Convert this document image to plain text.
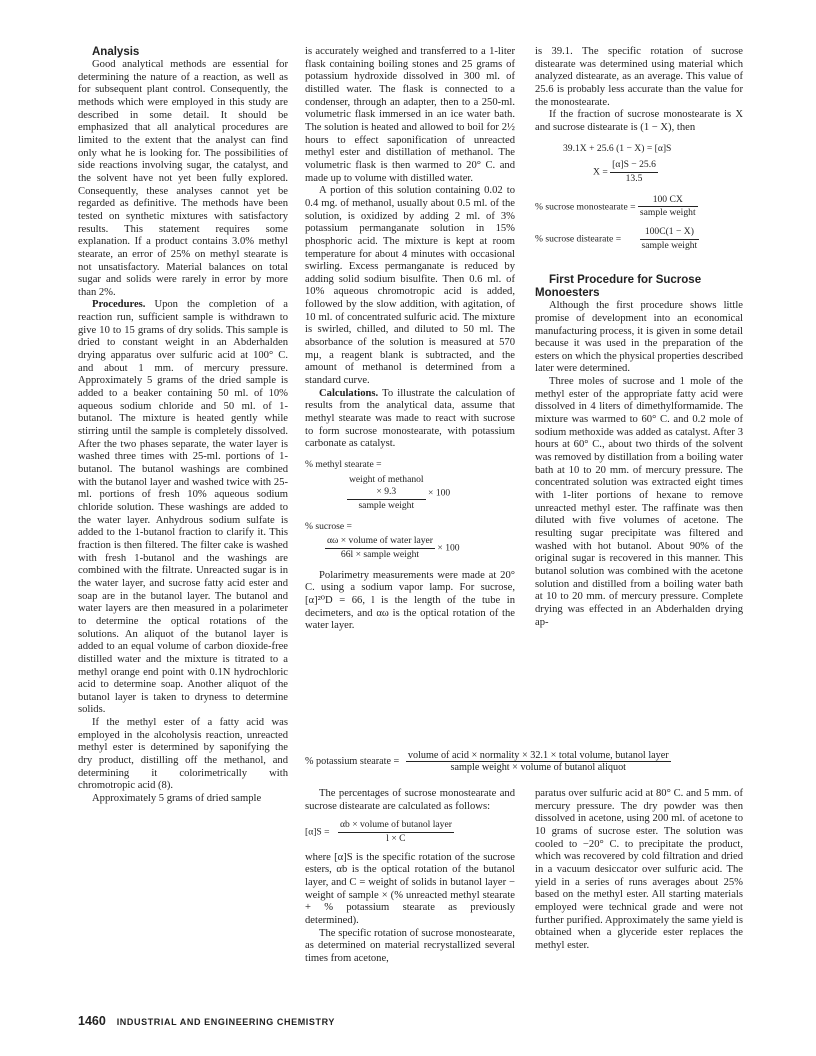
Analysis

Good analytical methods are essential for determining the nature of a reaction, as well as for subsequent plant control. Consequently, the methods which were employed in this study are described in some detail. It should be emphasized that all analytical procedures are limited to the extent that the analyst can find only what he is looking for. The possibilities of side reactions involving sugar, the catalyst, and the solvent have not yet been fully explored. Consequently, these analyses cannot yet be regarded as definitive. The methods have been tested on synthetic mixtures with satisfactory results. This statement requires some explanation. If a product contains 3.0% methyl stearate, an error of 25% on methyl stearate is not unsatisfactory. Material balances on total sugar and solids were rarely in error by more than 2%.

Procedures. Upon the completion of a reaction run, sufficient sample is withdrawn to give 10 to 15 grams of dry solids. This sample is dried to constant weight in an Abderhalden drying apparatus over sulfuric acid at 100° C. and about 1 mm. of mercury pressure. Approximately 5 grams of the dried sample is added to a beaker containing 50 ml. of 10% aqueous sodium chloride and 50 ml. of 1-butanol. The mixture is heated gently while stirring until the sample is completely dissolved. After the two phases separate, the water layer is washed three times with 25-ml. portions of 1-butanol. The butanol washings are combined with the butanol layer and washed twice with 25-ml. portions of fresh 10% aqueous sodium chloride solution. These washings are added to the water layer. Anhydrous sodium sulfate is added to the 1-butanol fraction to clarify it. This fraction is then filtered. The filter cake is washed with fresh 1-butanol and the washings are combined with the filtrate. Unreacted sugar is in the water layer, and sucrose fatty acid ester and soap are in the butanol layer. The butanol and water layers are then measured in a polarimeter to determine the optical rotations of the solutions. An aliquot of the butanol layer is added to an equal volume of carbon dioxide-free distilled water and the mixture is titrated to a methyl orange end point with 0.1N hydrochloric acid to determine soap. Another aliquot of the butanol layer is taken to dryness to determine solids.

If the methyl ester of a fatty acid was employed in the alcoholysis reaction, unreacted methyl ester is determined by saponifying the dry product, distilling off the methanol, and determining it colorimetrically with chromotropic acid (8).

Approximately 5 grams of dried sample

is accurately weighed and transferred to a 1-liter flask containing boiling stones and 25 grams of potassium hydroxide dissolved in 300 ml. of distilled water. The flask is connected to a condenser, through an adapter, then to a 250-ml. volumetric flask immersed in an ice water bath. The solution is heated and allowed to boil for 2½ hours to effect saponification of unreacted methyl ester and distillation of methanol. The volumetric flask is then warmed to 20° C. and made up to volume with distilled water.

A portion of this solution containing 0.02 to 0.4 mg. of methanol, usually about 0.5 ml. of the solution, is oxidized by adding 2 ml. of 3% potassium permanganate solution in 15% phosphoric acid. The mixture is kept at room temperature for about 4 minutes with occasional swirling. Excess permanganate is reduced by adding solid sodium bisulfite. Then 0.6 ml. of 10% aqueous chromotropic acid is added, followed by the slow addition, with agitation, of 10 ml. of concentrated sulfuric acid. The mixture is swirled, chilled, and diluted to 50 ml. The absorbance of the solution is measured at 570 mμ, a reagent blank is subtracted, and the amount of methanol is determined from a standard curve.

Calculations. To illustrate the calculation of results from the analytical data, assume that methyl stearate was made to react with sucrose to form sucrose monostearate, with potassium carbonate as catalyst.

% methyl stearate =
weight of methanol
× 9.3
sample weight
× 100
% sucrose =
$\frac{\text{αω × volume of water layer}}{\text{66l × sample weight}} \times 100$

Polarimetry measurements were made at 20° C. using a sodium vapor lamp. For sucrose, [α]²⁰D = 66, l is the length of the tube in decimeters, and αω is the optical rotation of the water layer.

The percentages of sucrose monostearate and sucrose distearate are calculated as follows:

$[\alpha]S = \frac{\text{αb × volume of butanol layer}}{l \times C}$

where [α]S is the specific rotation of the sucrose esters, αb is the optical rotation of the butanol layer, and C = weight of solids in butanol layer − weight of sample × (% unreacted methyl stearate + % potassium stearate as previously determined).

The specific rotation of sucrose monostearate, as determined on material recrystallized several times from acetone,

% potassium stearate =
volume of acid × normality × 32.1 × total volume, butanol layer
sample weight × volume of butanol aliquot

is 39.1. The specific rotation of sucrose distearate was determined using material which analyzed distearate, as an average. This value of 25.6 is probably less accurate than the value for the monostearate.

If the fraction of sucrose monostearate is X and sucrose distearate is (1 − X), then

39.1X + 25.6 (1 − X) = [α]S
$X = \frac{[\alpha]S - 25.6}{13.5}$
% sucrose monostearate = $\frac{100 CX}{\text{sample weight}}$
% sucrose distearate = $\frac{100C(1 - X)}{\text{sample weight}}$

First Procedure for Sucrose Monoesters

Although the first procedure shows little promise of development into an economical manufacturing process, it is given in some detail because it was used in the preparation of the esters on which the physical properties described later were determined.

Three moles of sucrose and 1 mole of the methyl ester of the appropriate fatty acid were dissolved in 4 liters of dimethylformamide. The mixture was warmed to 60° C. and 0.2 mole of sodium methoxide was added as catalyst. After 3 hours at 60° C., about two thirds of the solvent was removed by distillation from a boiling water bath at 10 to 20 mm. of mercury pressure. The concentrated solution was extracted eight times with 1-liter portions of hexane to remove unreacted methyl ester. The raffinate was then diluted with five volumes of acetone. The resulting sugar precipitate was filtered and washed with hot butanol. About 90% of the original sugar is recovered in this manner. This butanol solution was combined with the acetone solution and distilled from a boiling water bath at 10 to 20 mm. of mercury pressure. Complete drying was effected in an Abderhalden drying ap-

paratus over sulfuric acid at 80° C. and 5 mm. of mercury pressure. The dry powder was then dissolved in acetone, using 200 ml. of acetone to 10 grams of sucrose ester. The solution was cooled to −20° C. to precipitate the product, which was recovered by cold filtration and dried in a vacuum desiccator over sulfuric acid. The yield in a series of runs averages about 25% based on the methyl ester. All starting materials employed were technical grade and were not further purified. Approximately the same yield is obtained when a glyceride ester replaces the methyl ester.

1460 INDUSTRIAL AND ENGINEERING CHEMISTRY
